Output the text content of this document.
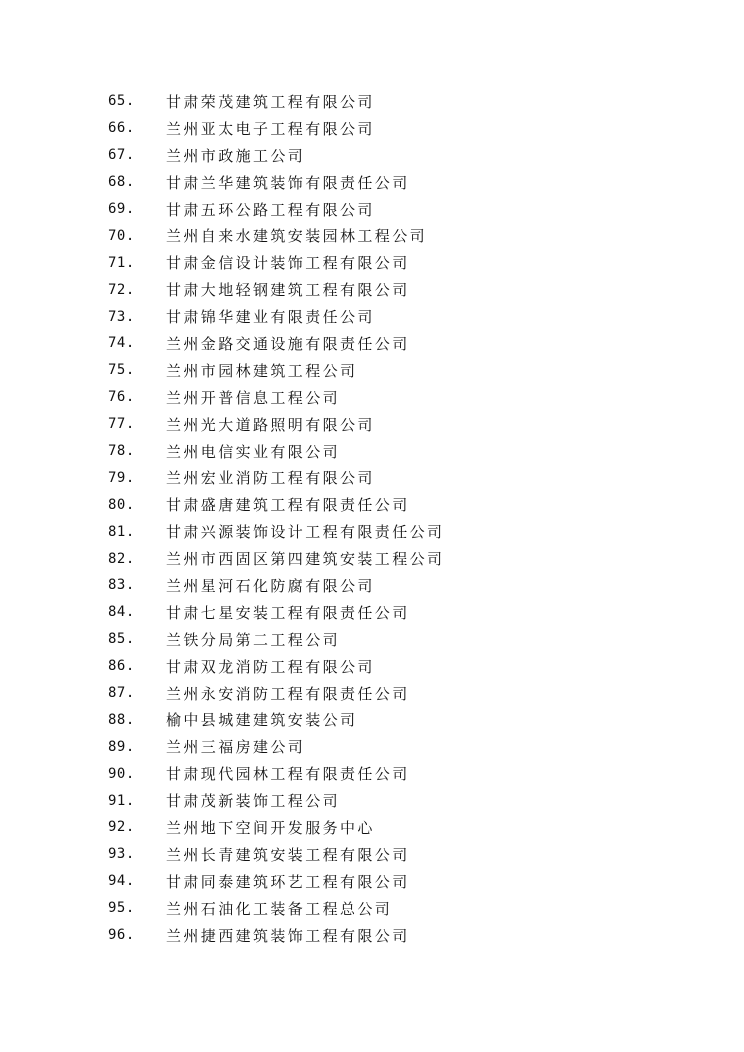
65.	甘肃荣茂建筑工程有限公司
66.	兰州亚太电子工程有限公司
67.	兰州市政施工公司
68.	甘肃兰华建筑装饰有限责任公司
69.	甘肃五环公路工程有限公司
70.	兰州自来水建筑安装园林工程公司
71.	甘肃金信设计装饰工程有限公司
72.	甘肃大地轻钢建筑工程有限公司
73.	甘肃锦华建业有限责任公司
74.	兰州金路交通设施有限责任公司
75.	兰州市园林建筑工程公司
76.	兰州开普信息工程公司
77.	兰州光大道路照明有限公司
78.	兰州电信实业有限公司
79.	兰州宏业消防工程有限公司
80.	甘肃盛唐建筑工程有限责任公司
81.	甘肃兴源装饰设计工程有限责任公司
82.	兰州市西固区第四建筑安装工程公司
83.	兰州星河石化防腐有限公司
84.	甘肃七星安装工程有限责任公司
85.	兰铁分局第二工程公司
86.	甘肃双龙消防工程有限公司
87.	兰州永安消防工程有限责任公司
88.	榆中县城建建筑安装公司
89.	兰州三福房建公司
90.	甘肃现代园林工程有限责任公司
91.	甘肃茂新装饰工程公司
92.	兰州地下空间开发服务中心
93.	兰州长青建筑安装工程有限公司
94.	甘肃同泰建筑环艺工程有限公司
95.	兰州石油化工装备工程总公司
96.	兰州捷西建筑装饰工程有限公司
